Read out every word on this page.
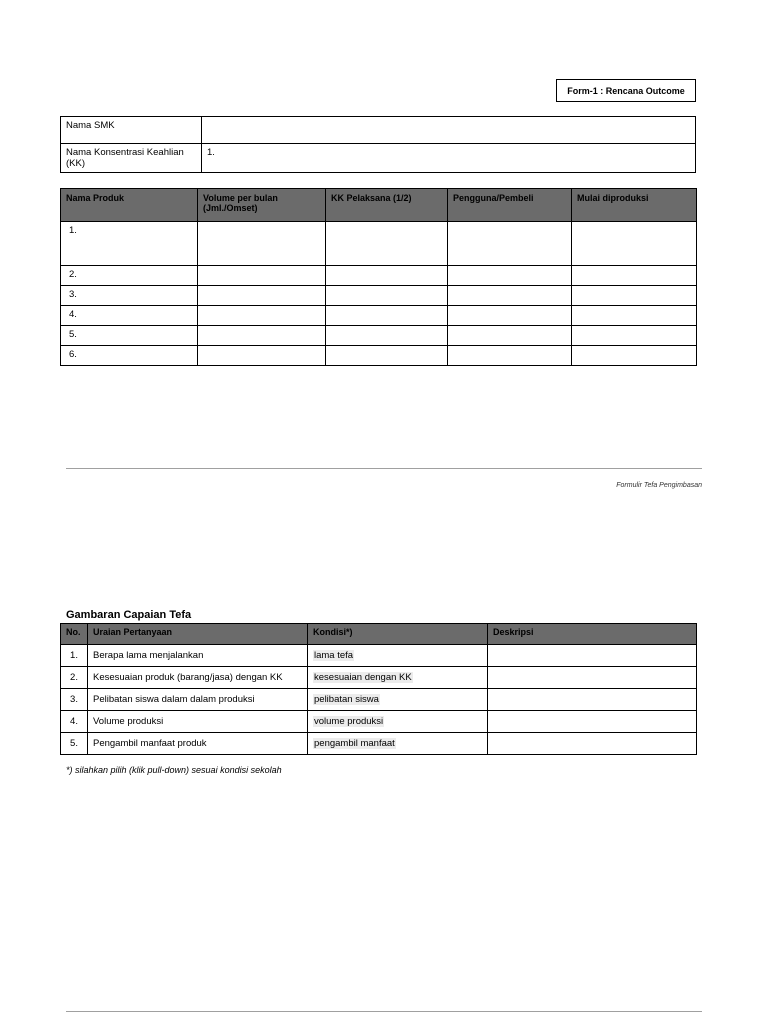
Form-1 : Rencana Outcome
Nama SMK	
Nama Konsentrasi Keahlian (KK)	1.
Nama Produk	Volume per bulan (Jml./Omset)	KK Pelaksana (1/2)	Pengguna/Pembeli	Mulai diproduksi
1.				
2.				
3.				
4.				
5.				
6.				
Formulir Tefa Pengimbasan
Gambaran Capaian Tefa
No.	Uraian Pertanyaan	Kondisi*)	Deskripsi
1.	Berapa lama menjalankan	lama tefa	
2.	Kesesuaian produk (barang/jasa) dengan KK	kesesuaian dengan KK	
3.	Pelibatan siswa dalam dalam produksi	pelibatan siswa	
4.	Volume produksi	volume produksi	
5.	Pengambil manfaat produk	pengambil manfaat	
*) silahkan pilih (klik pull-down) sesuai kondisi sekolah
